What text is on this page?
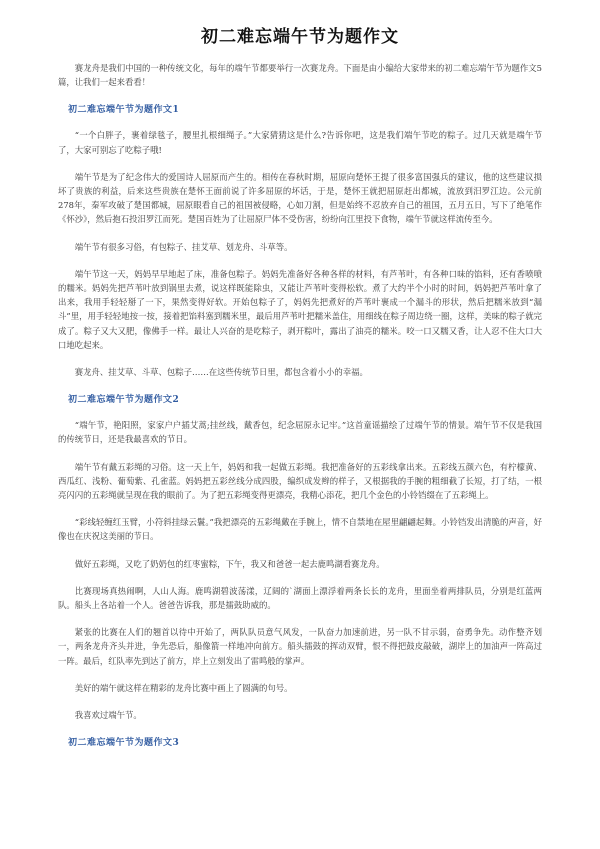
初二难忘端午节为题作文

赛龙舟是我们中国的一种传统文化，每年的端午节都要举行一次赛龙舟。下面是由小编给大家带来的初二难忘端午节为题作文5篇，让我们一起来看看！

初二难忘端午节为题作文1

“一个白胖子，裹着绿毯子，腰里扎根细绳子。”大家猜猜这是什么?告诉你吧，这是我们端午节吃的粽子。过几天就是端午节了，大家可别忘了吃粽子哦!

端午节是为了纪念伟大的爱国诗人屈原而产生的。相传在春秋时期，屈原向楚怀王提了很多富国强兵的建议，他的这些建议损坏了贵族的利益，后来这些贵族在楚怀王面前说了许多屈原的坏话，于是，楚怀王就把屈原赶出都城，流放到汨罗江边。公元前278年，秦军攻破了楚国都城，屈原眼看自己的祖国被侵略，心如刀割，但是始终不忍放弃自己的祖国，五月五日，写下了绝笔作《怀沙》，然后抱石投汨罗江而死。楚国百姓为了让屈原尸体不受伤害，纷纷向江里投下食物，端午节就这样流传至今。

端午节有很多习俗，有包粽子、挂艾草、划龙舟、斗草等。

端午节这一天，妈妈早早地起了床，准备包粽子。妈妈先准备好各种各样的材料，有芦苇叶，有各种口味的馅料，还有香喷喷的糯米。妈妈先把芦苇叶放到锅里去煮，说这样既能除虫，又能让芦苇叶变得松软。煮了大约半个小时的时间，妈妈把芦苇叶拿了出来，我用手轻轻掰了一下，果然变得好软。开始包粽子了，妈妈先把煮好的芦苇叶裹成一个漏斗的形状，然后把糯米放到“漏斗”里，用手轻轻地按一按，接着把馅料塞到糯米里，最后用芦苇叶把糯米盖住，用细线在粽子周边绕一圈，这样，美味的粽子就完成了。粽子又大又肥，像佛手一样。最让人兴奋的是吃粽子，剥开粽叶，露出了油亮的糯米。咬一口又糯又香，让人忍不住大口大口地吃起来。

赛龙舟、挂艾草、斗草、包粽子……在这些传统节日里，都包含着小小的幸福。

初二难忘端午节为题作文2

“端午节，艳阳照，家家户户插艾蒿;挂丝线，戴香包，纪念屈原永记牢。”这首童谣描绘了过端午节的情景。端午节不仅是我国的传统节日，还是我最喜欢的节日。

端午节有戴五彩绳的习俗。这一天上午，妈妈和我一起做五彩绳。我把准备好的五彩线拿出来。五彩线五颜六色，有柠檬黄、西瓜红、浅粉、葡萄紫、孔雀蓝。妈妈把五彩丝线分成四股，编织成发辫的样子，又根据我的手腕的粗细截了长短，打了结，一根亮闪闪的五彩绳就呈现在我的眼前了。为了把五彩绳变得更漂亮，我精心添花，把几个金色的小铃铛缀在了五彩绳上。

“彩线轻缠红玉臂，小符斜挂绿云鬟。”我把漂亮的五彩绳戴在手腕上，情不自禁地在屋里翩翩起舞。小铃铛发出清脆的声音，好像也在庆祝这美丽的节日。

做好五彩绳，又吃了奶奶包的红枣蜜粽，下午，我又和爸爸一起去鹿鸣湖看赛龙舟。

比赛现场真热闹啊，人山人海。鹿鸣湖碧波荡漾，辽阔的`湖面上漂浮着两条长长的龙舟，里面坐着两排队员，分别是红蓝两队。船头上各站着一个人。爸爸告诉我，那是擂鼓助威的。

紧张的比赛在人们的翘首以待中开始了，两队队员意气风发，一队奋力加速前进，另一队不甘示弱，奋勇争先。动作整齐划一，两条龙舟齐头并进，争先恐后，船像箭一样地冲向前方。船头擂鼓的挥动双臂，恨不得把鼓皮敲破，湖岸上的加油声一阵高过一阵。最后，红队率先到达了前方，岸上立刻发出了雷鸣般的掌声。

美好的端午就这样在精彩的龙舟比赛中画上了圆满的句号。

我喜欢过端午节。

初二难忘端午节为题作文3
